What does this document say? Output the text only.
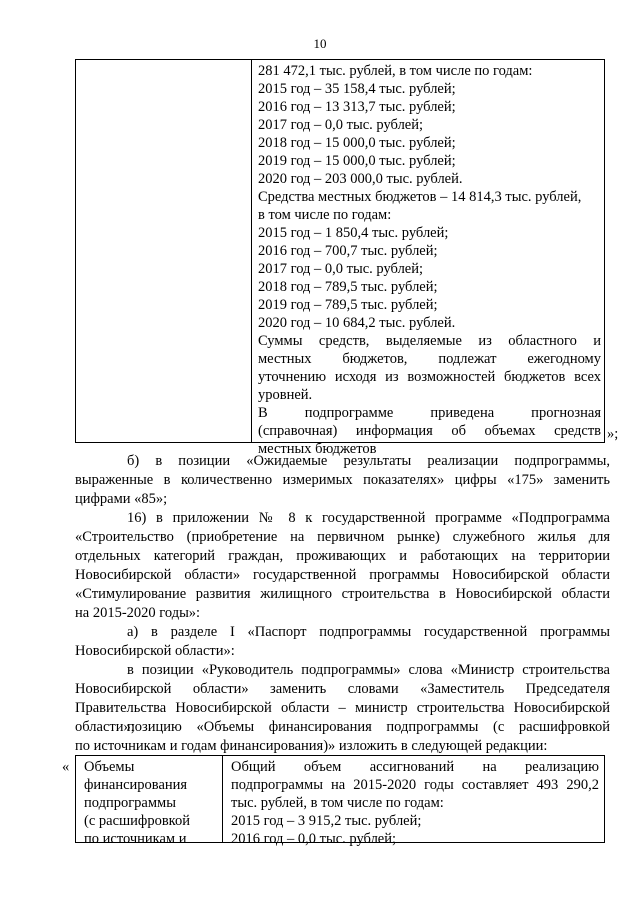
10
281 472,1 тыс. рублей, в том числе по годам:
2015 год – 35 158,4 тыс. рублей;
2016 год – 13 313,7 тыс. рублей;
2017 год – 0,0 тыс. рублей;
2018 год – 15 000,0 тыс. рублей;
2019 год – 15 000,0 тыс. рублей;
2020 год – 203 000,0 тыс. рублей.
Средства местных бюджетов – 14 814,3 тыс. рублей,
в том числе по годам:
2015 год – 1 850,4 тыс. рублей;
2016 год – 700,7 тыс. рублей;
2017 год – 0,0 тыс. рублей;
2018 год – 789,5 тыс. рублей;
2019 год – 789,5 тыс. рублей;
2020 год – 10 684,2 тыс. рублей.
Суммы средств, выделяемые из областного и
местных бюджетов, подлежат ежегодному
уточнению исходя из возможностей бюджетов всех
уровней.
В подпрограмме приведена прогнозная
(справочная) информация об объемах средств
местных бюджетов
»;
б) в позиции «Ожидаемые результаты реализации подпрограммы,
выраженные в количественно измеримых показателях» цифры «175» заменить
цифрами «85»;
16) в приложении № 8 к государственной программе «Подпрограмма
«Строительство (приобретение на первичном рынке) служебного жилья для
отдельных категорий граждан, проживающих и работающих на территории
Новосибирской области» государственной программы Новосибирской области
«Стимулирование развития жилищного строительства в Новосибирской области
на 2015-2020 годы»:
а) в разделе I «Паспорт подпрограммы государственной программы
Новосибирской области»:
в позиции «Руководитель подпрограммы» слова «Министр строительства
Новосибирской области» заменить словами «Заместитель Председателя
Правительства Новосибирской области – министр строительства Новосибирской
области»;
позицию «Объемы финансирования подпрограммы (с расшифровкой
по источникам и годам финансирования)» изложить в следующей редакции:
« Объемы
финансирования
подпрограммы
(с расшифровкой
по источникам и
Общий объем ассигнований на реализацию
подпрограммы на 2015-2020 годы составляет 493 290,2
тыс. рублей, в том числе по годам:
2015 год – 3 915,2 тыс. рублей;
2016 год – 0,0 тыс. рублей;
